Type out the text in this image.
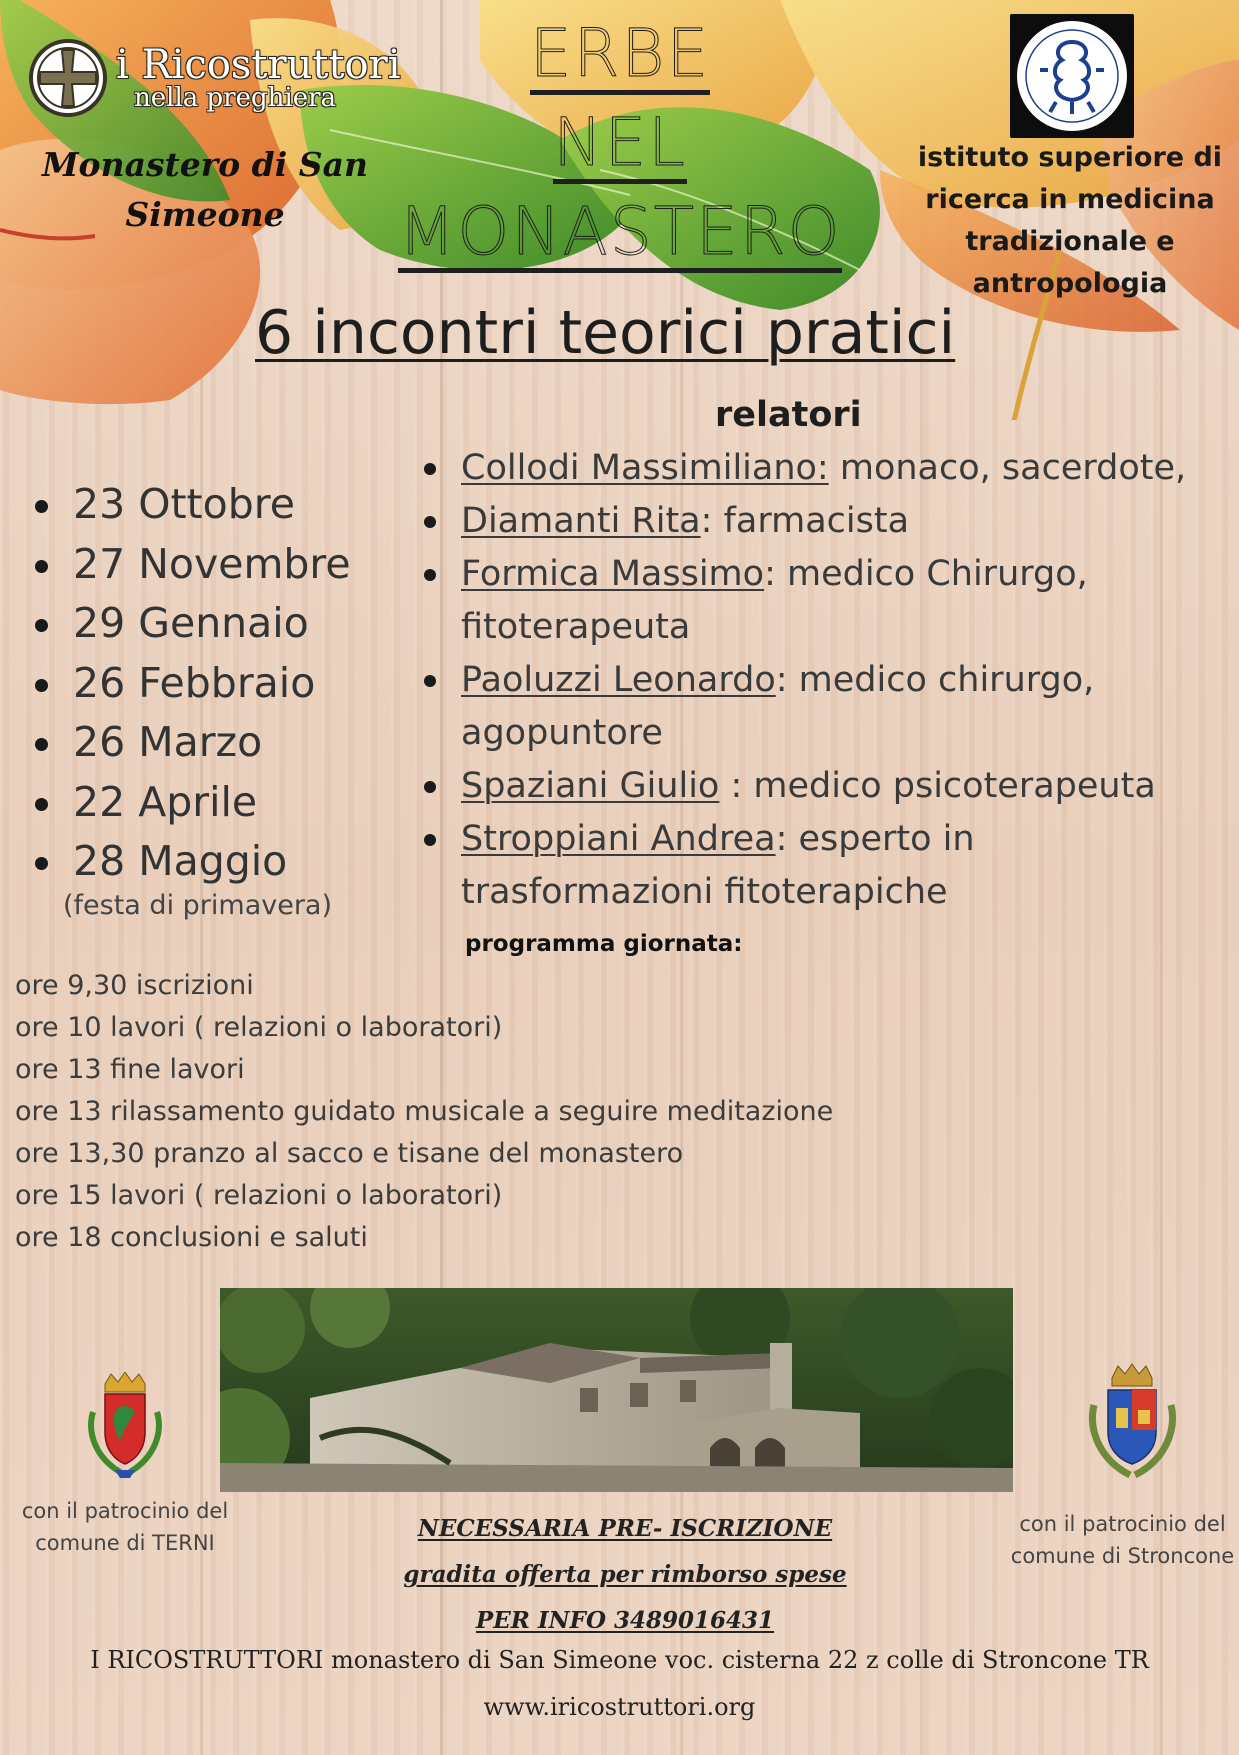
i Ricostruttori
nella preghiera
Monastero di San Simeone
ERBE
NEL
MONASTERO
istituto superiore di ricerca in medicina tradizionale e antropologia
6 incontri teorici pratici
relatori
23 Ottobre
27 Novembre
29 Gennaio
26 Febbraio
26 Marzo
22 Aprile
28 Maggio
(festa di primavera)
Collodi Massimiliano: monaco, sacerdote,
Diamanti Rita: farmacista
Formica Massimo: medico Chirurgo, fitoterapeuta
Paoluzzi Leonardo: medico chirurgo, agopuntore
Spaziani Giulio : medico psicoterapeuta
Stroppiani Andrea: esperto in trasformazioni fitoterapiche
programma giornata:
ore 9,30 iscrizioni
ore 10 lavori ( relazioni o laboratori)
ore 13 fine lavori
ore 13 rilassamento guidato musicale a seguire meditazione
ore 13,30 pranzo al sacco e tisane del monastero
ore 15 lavori ( relazioni o laboratori)
ore 18 conclusioni e saluti
con il patrocinio del comune di TERNI
con il patrocinio del comune di Stroncone
NECESSARIA PRE- ISCRIZIONE
gradita offerta per rimborso spese
PER INFO 3489016431
I RICOSTRUTTORI monastero di San Simeone voc. cisterna 22 z colle di Stroncone TR
www.iricostruttori.org
